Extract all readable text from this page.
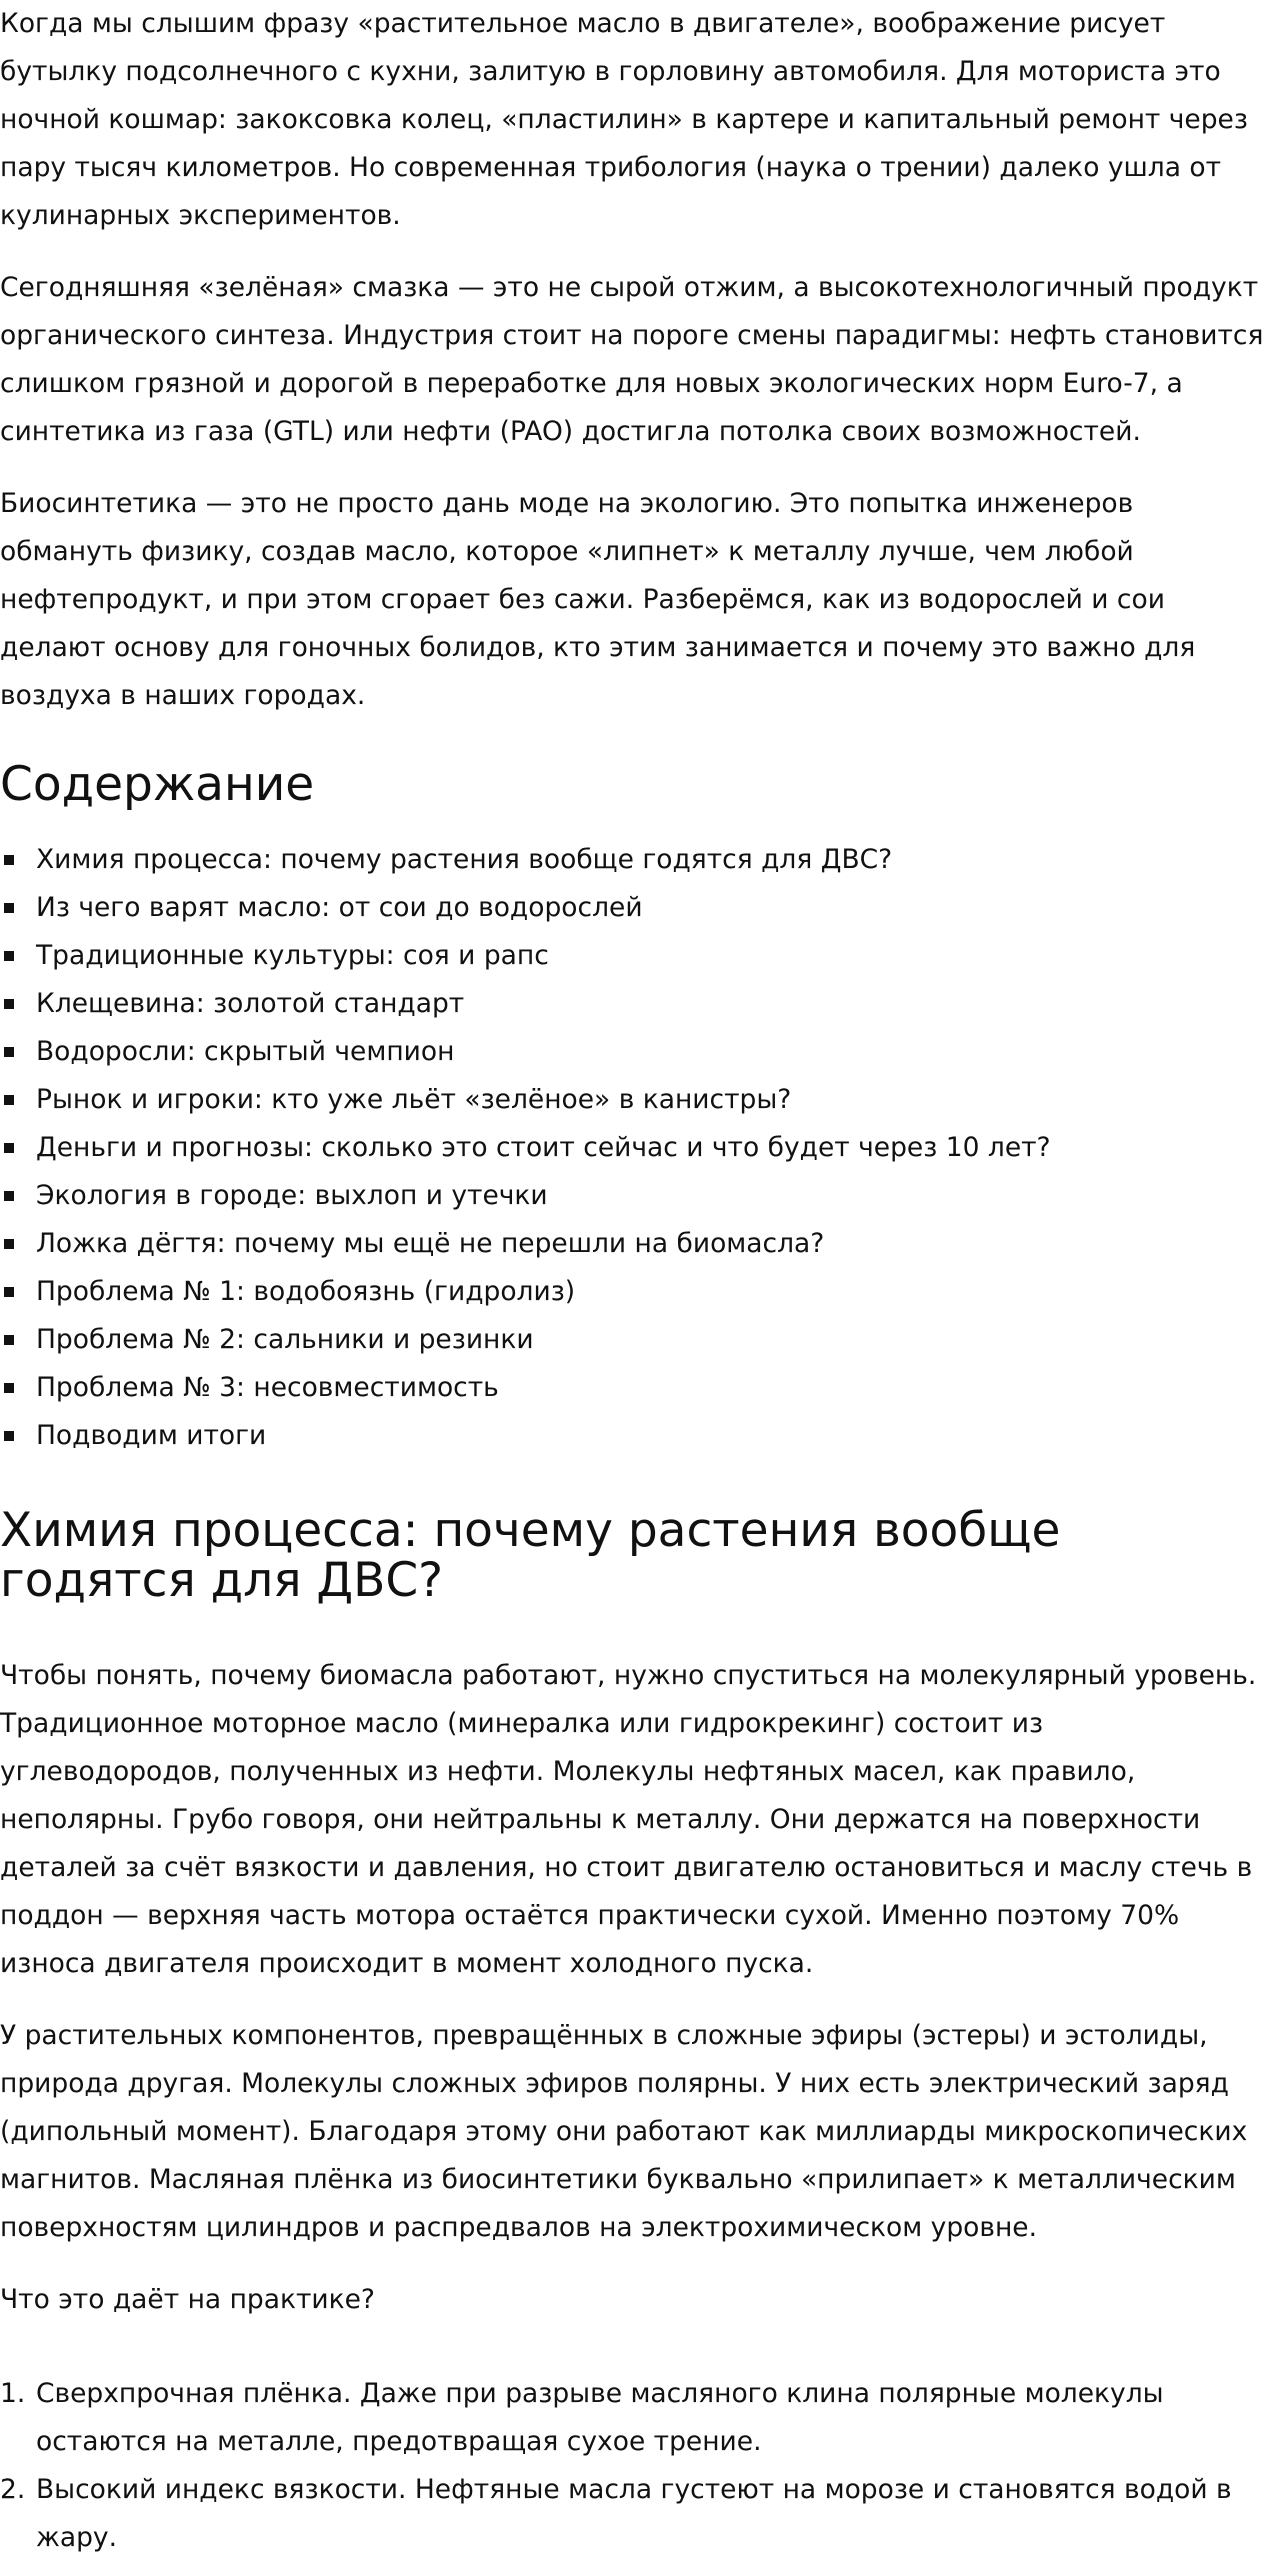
Когда мы слышим фразу «растительное масло в двигателе», воображение рисует бутылку подсолнечного с кухни, залитую в горловину автомобиля. Для моториста это ночной кошмар: закоксовка колец, «пластилин» в картере и капитальный ремонт через пару тысяч километров. Но современная трибология (наука о трении) далеко ушла от кулинарных экспериментов.

Сегодняшняя «зелёная» смазка — это не сырой отжим, а высокотехнологичный продукт органического синтеза. Индустрия стоит на пороге смены парадигмы: нефть становится слишком грязной и дорогой в переработке для новых экологических норм Euro-7, а синтетика из газа (GTL) или нефти (PAO) достигла потолка своих возможностей.

Биосинтетика — это не просто дань моде на экологию. Это попытка инженеров обмануть физику, создав масло, которое «липнет» к металлу лучше, чем любой нефтепродукт, и при этом сгорает без сажи. Разберёмся, как из водорослей и сои делают основу для гоночных болидов, кто этим занимается и почему это важно для воздуха в наших городах.

Содержание
Химия процесса: почему растения вообще годятся для ДВС?
Из чего варят масло: от сои до водорослей
Традиционные культуры: соя и рапс
Клещевина: золотой стандарт
Водоросли: скрытый чемпион
Рынок и игроки: кто уже льёт «зелёное» в канистры?
Деньги и прогнозы: сколько это стоит сейчас и что будет через 10 лет?
Экология в городе: выхлоп и утечки
Ложка дёгтя: почему мы ещё не перешли на биомасла?
Проблема № 1: водобоязнь (гидролиз)
Проблема № 2: сальники и резинки
Проблема № 3: несовместимость
Подводим итоги
Химия процесса: почему растения вообще годятся для ДВС?

Чтобы понять, почему биомасла работают, нужно спуститься на молекулярный уровень. Традиционное моторное масло (минералка или гидрокрекинг) состоит из углеводородов, полученных из нефти. Молекулы нефтяных масел, как правило, неполярны. Грубо говоря, они нейтральны к металлу. Они держатся на поверхности деталей за счёт вязкости и давления, но стоит двигателю остановиться и маслу стечь в поддон — верхняя часть мотора остаётся практически сухой. Именно поэтому 70% износа двигателя происходит в момент холодного пуска.

У растительных компонентов, превращённых в сложные эфиры (эстеры) и эстолиды, природа другая. Молекулы сложных эфиров полярны. У них есть электрический заряд (дипольный момент). Благодаря этому они работают как миллиарды микроскопических магнитов. Масляная плёнка из биосинтетики буквально «прилипает» к металлическим поверхностям цилиндров и распредвалов на электрохимическом уровне.

Что это даёт на практике?

1. Сверхпрочная плёнка. Даже при разрыве масляного клина полярные молекулы остаются на металле, предотвращая сухое трение.
2. Высокий индекс вязкости. Нефтяные масла густеют на морозе и становятся водой в жару.
